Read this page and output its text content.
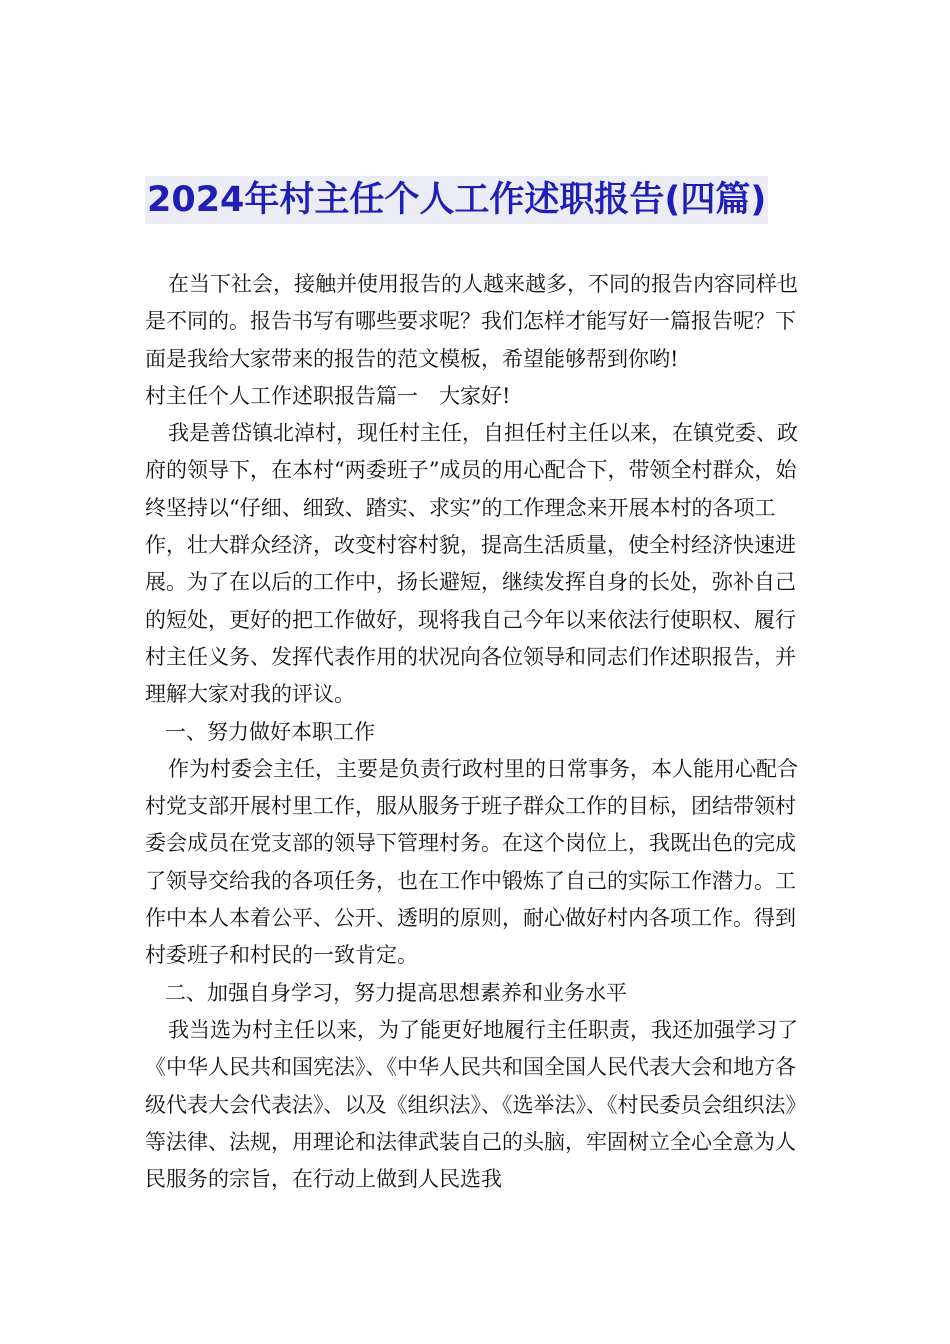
2024年村主任个人工作述职报告(四篇)

在当下社会，接触并使用报告的人越来越多，不同的报告内容同样也是不同的。报告书写有哪些要求呢？我们怎样才能写好一篇报告呢？下面是我给大家带来的报告的范文模板，希望能够帮到你哟!

村主任个人工作述职报告篇一　大家好!

我是善岱镇北淖村，现任村主任，自担任村主任以来，在镇党委、政府的领导下，在本村“两委班子”成员的用心配合下，带领全村群众，始终坚持以“仔细、细致、踏实、求实”的工作理念来开展本村的各项工作，壮大群众经济，改变村容村貌，提高生活质量，使全村经济快速进展。为了在以后的工作中，扬长避短，继续发挥自身的长处，弥补自己的短处，更好的把工作做好，现将我自己今年以来依法行使职权、履行村主任义务、发挥代表作用的状况向各位领导和同志们作述职报告，并理解大家对我的评议。

一、努力做好本职工作

作为村委会主任，主要是负责行政村里的日常事务，本人能用心配合村党支部开展村里工作，服从服务于班子群众工作的目标，团结带领村委会成员在党支部的领导下管理村务。在这个岗位上，我既出色的完成了领导交给我的各项任务，也在工作中锻炼了自己的实际工作潜力。工作中本人本着公平、公开、透明的原则，耐心做好村内各项工作。得到村委班子和村民的一致肯定。

二、加强自身学习，努力提高思想素养和业务水平

我当选为村主任以来，为了能更好地履行主任职责，我还加强学习了《中华人民共和国宪法》、《中华人民共和国全国人民代表大会和地方各级代表大会代表法》、以及《组织法》、《选举法》、《村民委员会组织法》等法律、法规，用理论和法律武装自己的头脑，牢固树立全心全意为人民服务的宗旨，在行动上做到人民选我
